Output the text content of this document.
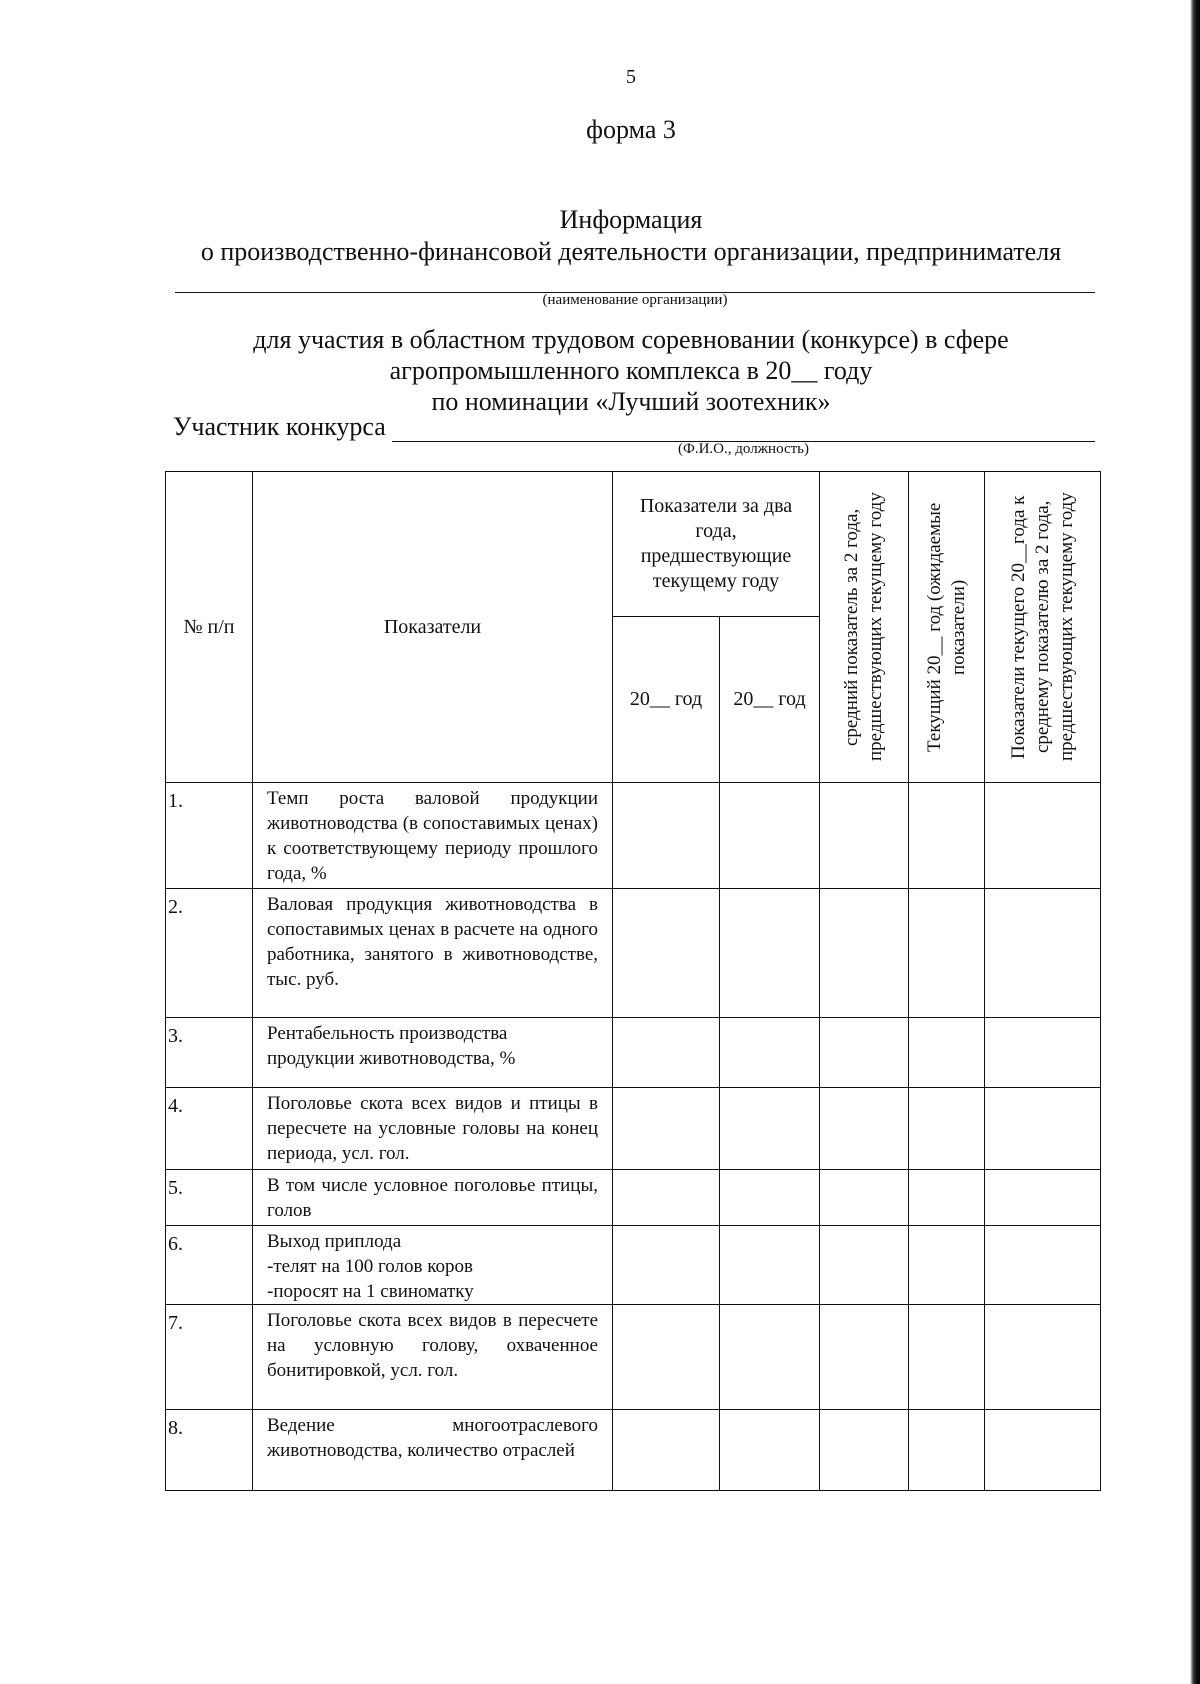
5
форма 3
Информация
о производственно-финансовой деятельности организации, предпринимателя
(наименование организации)
для участия в областном трудовом соревновании (конкурсе) в сфере
агропромышленного комплекса в 20__ году
по номинации «Лучший зоотехник»
Участник конкурса
(Ф.И.О., должность)
№ п/п	Показатели	Показатели за два года, предшествующие текущему году		средний показатель за 2 года, предшествующих текущему году	Текущий 20__ год (ожидаемые показатели)	Показатели текущего 20__года к среднему показателю за 2 года, предшествующих текущему году

		20__ год	20__ год			
1.	Темп роста валовой продукции животноводства (в сопоставимых ценах) к соответствующему периоду прошлого года, %					
2.	Валовая продукция животноводства в сопоставимых ценах в расчете на одного работника, занятого в животноводстве, тыс. руб.					
3.	Рентабельность производства продукции животноводства, %					
4.	Поголовье скота всех видов и птицы в пересчете на условные головы на конец периода, усл. гол.					
5.	В том числе условное поголовье птицы, голов					
6.	Выход приплода
-телят на 100 голов коров
-поросят на 1 свиноматку					
7.	Поголовье скота всех видов в пересчете на условную голову, охваченное бонитировкой, усл. гол.					
8.	Ведение многоотраслевого животноводства, количество отраслей					
